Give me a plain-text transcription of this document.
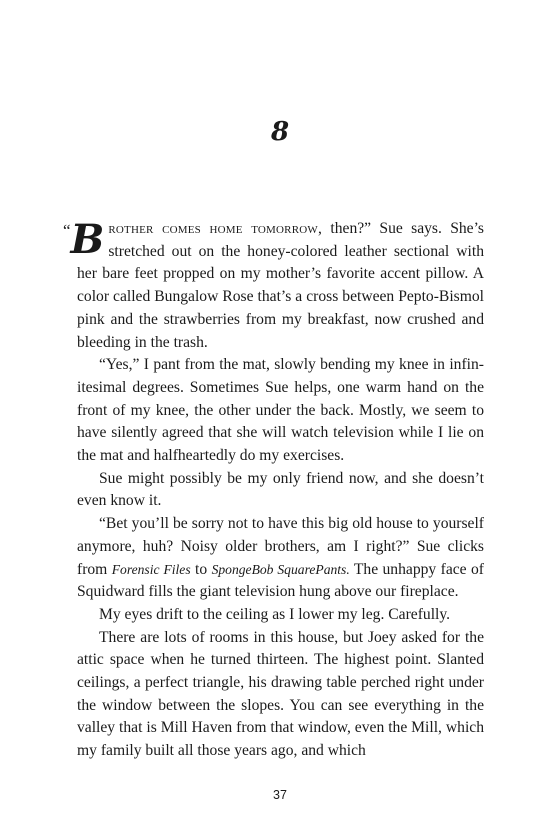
8

“ B rother comes home tomorrow, then?” Sue says. She’s stretched out on the honey-colored leather sectional with her bare feet propped on my mother’s favorite accent pillow. A color called Bungalow Rose that’s a cross between Pepto-Bismol pink and the strawberries from my breakfast, now crushed and bleeding in the trash.

“Yes,” I pant from the mat, slowly bending my knee in infinitesimal degrees. Sometimes Sue helps, one warm hand on the front of my knee, the other under the back. Mostly, we seem to have silently agreed that she will watch television while I lie on the mat and halfheartedly do my exercises.

Sue might possibly be my only friend now, and she doesn’t even know it.

“Bet you’ll be sorry not to have this big old house to yourself anymore, huh? Noisy older brothers, am I right?” Sue clicks from Forensic Files to SpongeBob SquarePants. The unhappy face of Squidward fills the giant television hung above our fireplace.

My eyes drift to the ceiling as I lower my leg. Carefully.

There are lots of rooms in this house, but Joey asked for the attic space when he turned thirteen. The highest point. Slanted ceilings, a perfect triangle, his drawing table perched right under the window between the slopes. You can see everything in the valley that is Mill Haven from that window, even the Mill, which my family built all those years ago, and which

37
